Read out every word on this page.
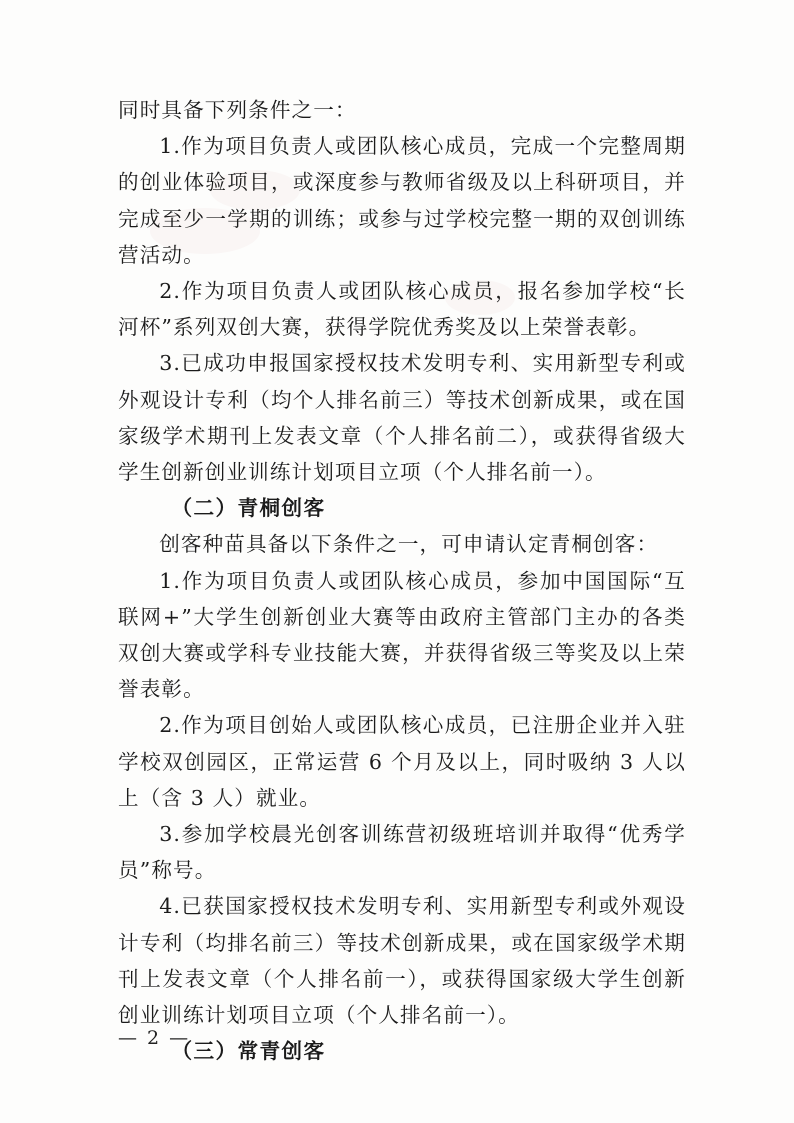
同时具备下列条件之一：

1.作为项目负责人或团队核心成员，完成一个完整周期的创业体验项目，或深度参与教师省级及以上科研项目，并完成至少一学期的训练；或参与过学校完整一期的双创训练营活动。

2.作为项目负责人或团队核心成员，报名参加学校“长河杯”系列双创大赛，获得学院优秀奖及以上荣誉表彰。

3.已成功申报国家授权技术发明专利、实用新型专利或外观设计专利（均个人排名前三）等技术创新成果，或在国家级学术期刊上发表文章（个人排名前二），或获得省级大学生创新创业训练计划项目立项（个人排名前一）。

（二）青桐创客

创客种苗具备以下条件之一，可申请认定青桐创客：

1.作为项目负责人或团队核心成员，参加中国国际“互联网+”大学生创新创业大赛等由政府主管部门主办的各类双创大赛或学科专业技能大赛，并获得省级三等奖及以上荣誉表彰。

2.作为项目创始人或团队核心成员，已注册企业并入驻学校双创园区，正常运营 6 个月及以上，同时吸纳 3 人以上（含 3 人）就业。

3.参加学校晨光创客训练营初级班培训并取得“优秀学员”称号。

4.已获国家授权技术发明专利、实用新型专利或外观设计专利（均排名前三）等技术创新成果，或在国家级学术期刊上发表文章（个人排名前一），或获得国家级大学生创新创业训练计划项目立项（个人排名前一）。

（三）常青创客

— 2 —
